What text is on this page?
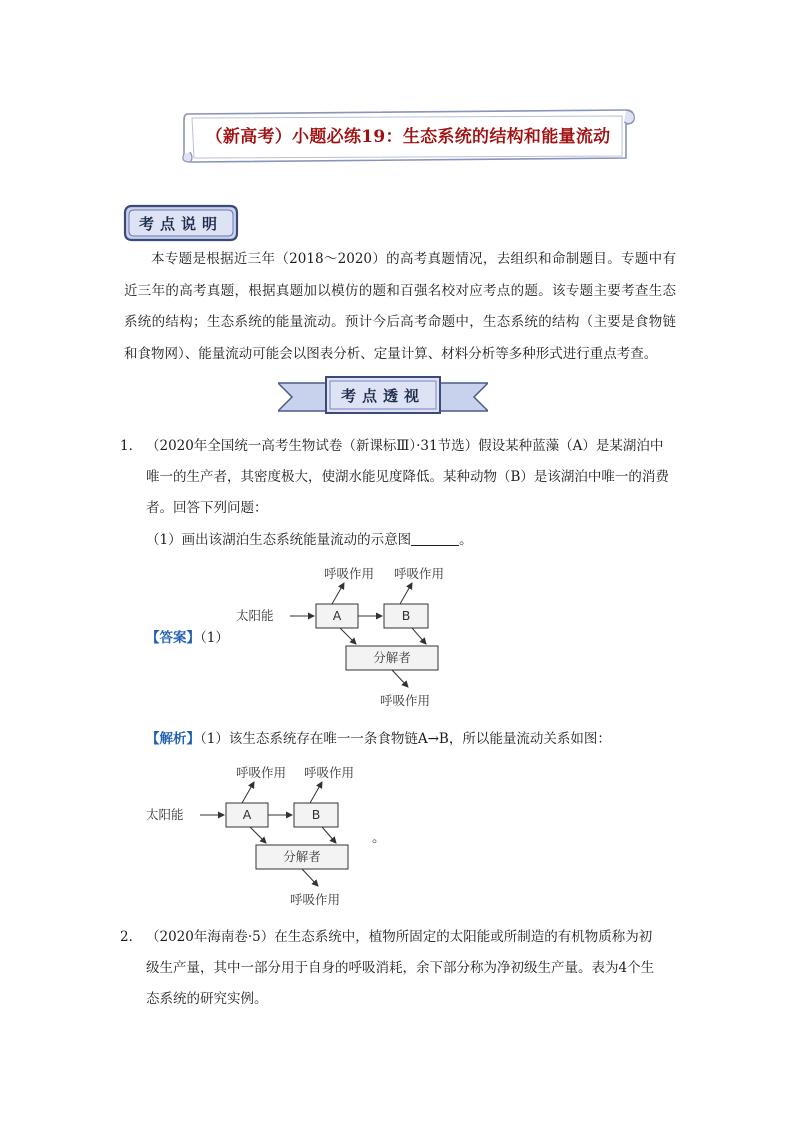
（新高考）小题必练19：生态系统的结构和能量流动
考点说明
本专题是根据近三年（2018～2020）的高考真题情况，去组织和命制题目。专题中有近三年的高考真题，根据真题加以模仿的题和百强名校对应考点的题。该专题主要考查生态系统的结构；生态系统的能量流动。预计今后高考命题中，生态系统的结构（主要是食物链和食物网）、能量流动可能会以图表分析、定量计算、材料分析等多种形式进行重点考查。
考点透视
1． （2020年全国统一高考生物试卷（新课标Ⅲ）·31节选）假设某种蓝藻（A）是某湖泊中
唯一的生产者，其密度极大，使湖水能见度降低。某种动物（B）是该湖泊中唯一的消费
者。回答下列问题：
（1）画出该湖泊生态系统能量流动的示意图	。
【答案】（1）
呼吸作用 呼吸作用
太阳能	A	B
分解者
呼吸作用
【解析】（1）该生态系统存在唯一一条食物链A→B，所以能量流动关系如图：
呼吸作用 呼吸作用
太阳能	A	B
分解者
呼吸作用
。
2． （2020年海南卷·5）在生态系统中，植物所固定的太阳能或所制造的有机物质称为初
级生产量，其中一部分用于自身的呼吸消耗，余下部分称为净初级生产量。表为4个生
态系统的研究实例。
